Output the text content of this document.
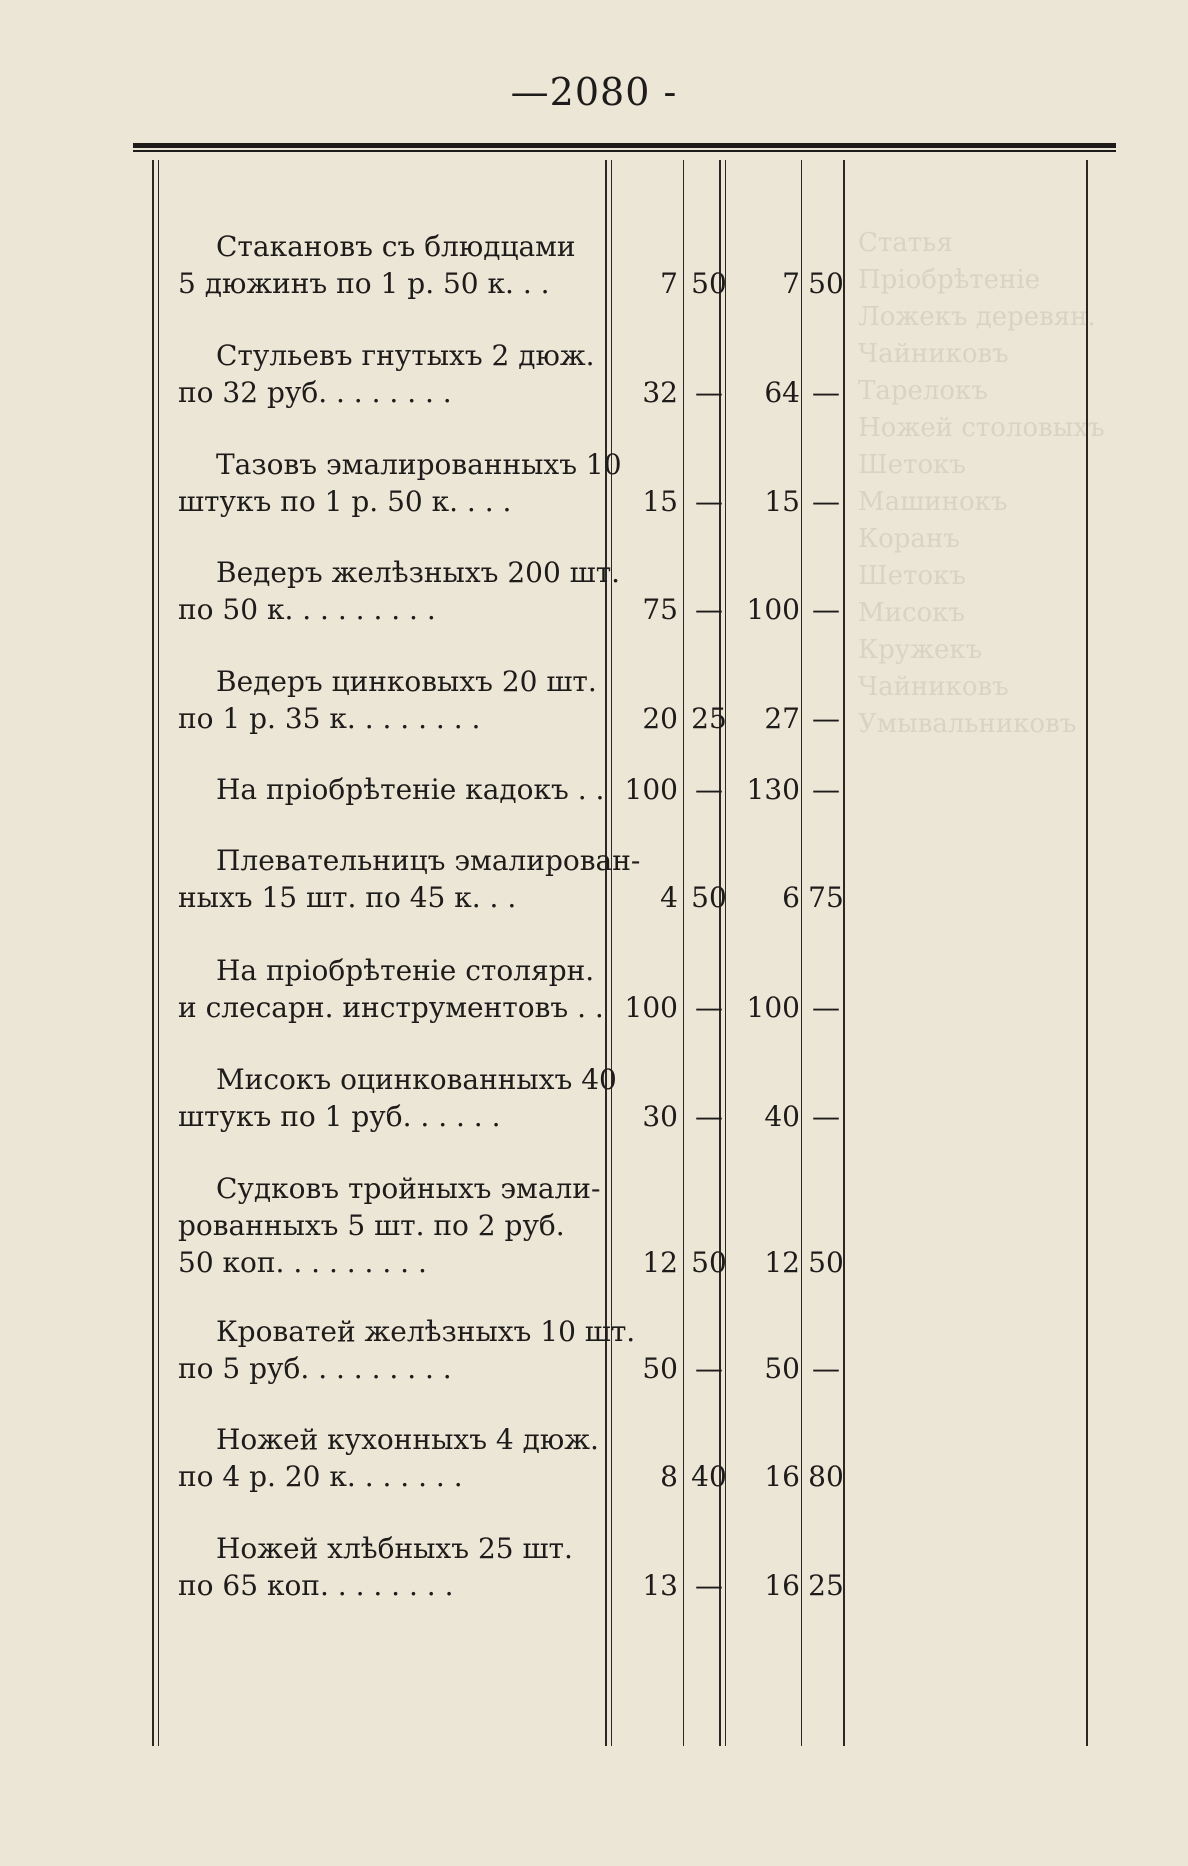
—2080 -
Статья
Пріобрѣтеніе
Ложекъ деревян.
Чайниковъ
Тарелокъ
Ножей столовыхъ
Шетокъ
Машинокъ
Коранъ
Шетокъ
Мисокъ
Кружекъ
Чайниковъ
Умывальниковъ
Стакановъ съ блюдцами
5 дюжинъ по 1 р. 50 к. . .	7 50 7 50
Стульевъ гнутыхъ 2 дюж.
по 32 руб. . . . . . . .	32 — 64 —
Тазовъ эмалированныхъ 10
штукъ по 1 р. 50 к. . . .	15 — 15 —
Ведеръ желѣзныхъ 200 шт.
по 50 к. . . . . . . . .	75 — 100 —
Ведеръ цинковыхъ 20 шт.
по 1 р. 35 к. . . . . . . .	20 25 27 —
На пріобрѣтеніе кадокъ . . 100 — 130 —
Плевательницъ эмалирован-
ныхъ 15 шт. по 45 к. . .	4 50 6 75
На пріобрѣтеніе столярн.
и слесарн. инструментовъ . . 100 — 100 —
Мисокъ оцинкованныхъ 40
штукъ по 1 руб. . . . . .	30 — 40 —
Судковъ тройныхъ эмали-
рованныхъ 5 шт. по 2 руб.
50 коп. . . . . . . . .	12 50 12 50
Кроватей желѣзныхъ 10 шт.
по 5 руб. . . . . . . . .	50 — 50 —
Ножей кухонныхъ 4 дюж.
по 4 р. 20 к. . . . . . .	8 40 16 80
Ножей хлѣбныхъ 25 шт.
по 65 коп. . . . . . . .	13 — 16 25
